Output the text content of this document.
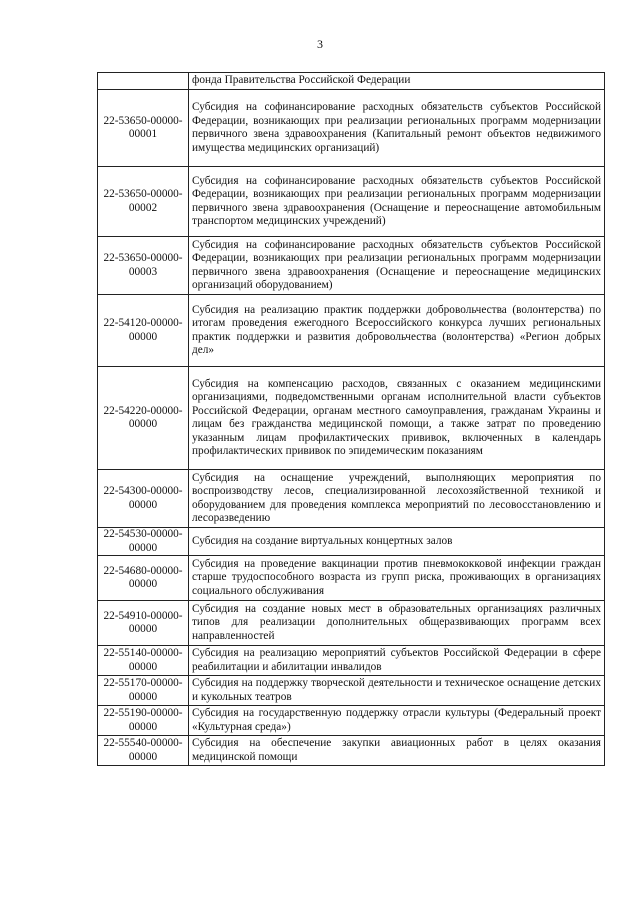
3
	фонда Правительства Российской Федерации
22-53650-00000-00001	Субсидия на софинансирование расходных обязательств субъектов Российской Федерации, возникающих при реализации региональных программ модернизации первичного звена здравоохранения (Капитальный ремонт объектов недвижимого имущества медицинских организаций)
22-53650-00000-00002	Субсидия на софинансирование расходных обязательств субъектов Российской Федерации, возникающих при реализации региональных программ модернизации первичного звена здравоохранения (Оснащение и переоснащение автомобильным транспортом медицинских учреждений)
22-53650-00000-00003	Субсидия на софинансирование расходных обязательств субъектов Российской Федерации, возникающих при реализации региональных программ модернизации первичного звена здравоохранения (Оснащение и переоснащение медицинских организаций оборудованием)
22-54120-00000-00000	Субсидия на реализацию практик поддержки добровольчества (волонтерства) по итогам проведения ежегодного Всероссийского конкурса лучших региональных практик поддержки и развития добровольчества (волонтерства) «Регион добрых дел»
22-54220-00000-00000	Субсидия на компенсацию расходов, связанных с оказанием медицинскими организациями, подведомственными органам исполнительной власти субъектов Российской Федерации, органам местного самоуправления, гражданам Украины и лицам без гражданства медицинской помощи, а также затрат по проведению указанным лицам профилактических прививок, включенных в календарь профилактических прививок по эпидемическим показаниям
22-54300-00000-00000	Субсидия на оснащение учреждений, выполняющих мероприятия по воспроизводству лесов, специализированной лесохозяйственной техникой и оборудованием для проведения комплекса мероприятий по лесовосстановлению и лесоразведению
22-54530-00000-00000	Субсидия на создание виртуальных концертных залов
22-54680-00000-00000	Субсидия на проведение вакцинации против пневмококковой инфекции граждан старше трудоспособного возраста из групп риска, проживающих в организациях социального обслуживания
22-54910-00000-00000	Субсидия на создание новых мест в образовательных организациях различных типов для реализации дополнительных общеразвивающих программ всех направленностей
22-55140-00000-00000	Субсидия на реализацию мероприятий субъектов Российской Федерации в сфере реабилитации и абилитации инвалидов
22-55170-00000-00000	Субсидия на поддержку творческой деятельности и техническое оснащение детских и кукольных театров
22-55190-00000-00000	Субсидия на государственную поддержку отрасли культуры (Федеральный проект «Культурная среда»)
22-55540-00000-00000	Субсидия на обеспечение закупки авиационных работ в целях оказания медицинской помощи
